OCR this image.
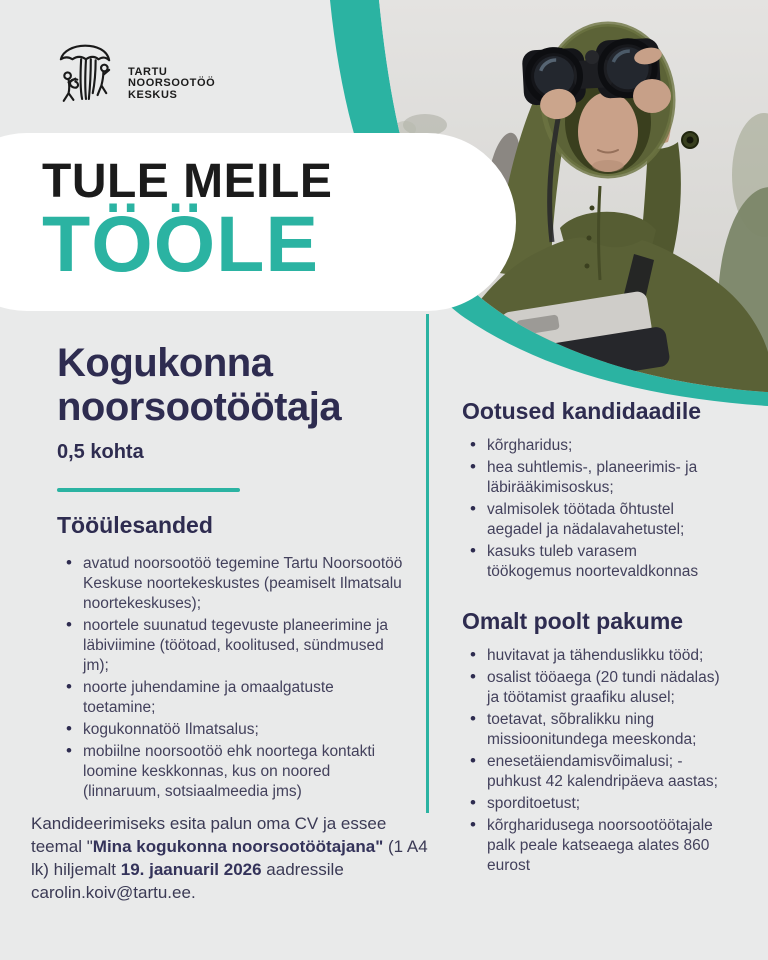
TARTU
NOORSOOTÖÖ
KESKUS
TULE MEILE
TÖÖLE
Kogukonna noorsootöötaja
0,5 kohta
Tööülesanded
• avatud noorsootöö tegemine Tartu Noorsootöö Keskuse noortekeskustes (peamiselt Ilmatsalu noortekeskuses);
• noortele suunatud tegevuste planeerimine ja läbiviimine (töötoad, koolitused, sündmused jm);
• noorte juhendamine ja omaalgatuste toetamine;
• kogukonnatöö Ilmatsalus;
• mobiilne noorsootöö ehk noortega kontakti loomine keskkonnas, kus on noored (linnaruum, sotsiaalmeedia jms)
Ootused kandidaadile
• kõrgharidus;
• hea suhtlemis-, planeerimis- ja läbirääkimisoskus;
• valmisolek töötada õhtustel aegadel ja nädalavahetustel;
• kasuks tuleb varasem töökogemus noortevaldkonnas
Omalt poolt pakume
• huvitavat ja tähenduslikku tööd;
• osalist tööaega (20 tundi nädalas) ja töötamist graafiku alusel;
• toetavat, sõbralikku ning missioonitundega meeskonda;
• enesetäiendamisvõimalusi; - puhkust 42 kalendripäeva aastas;
• sporditoetust;
• kõrgharidusega noorsootöötajale palk peale katseaega alates 860 eurost
Kandideerimiseks esita palun oma CV ja essee teemal "Mina kogukonna noorsootöötajana" (1 A4 lk) hiljemalt 19. jaanuaril 2026 aadressile carolin.koiv@tartu.ee.
